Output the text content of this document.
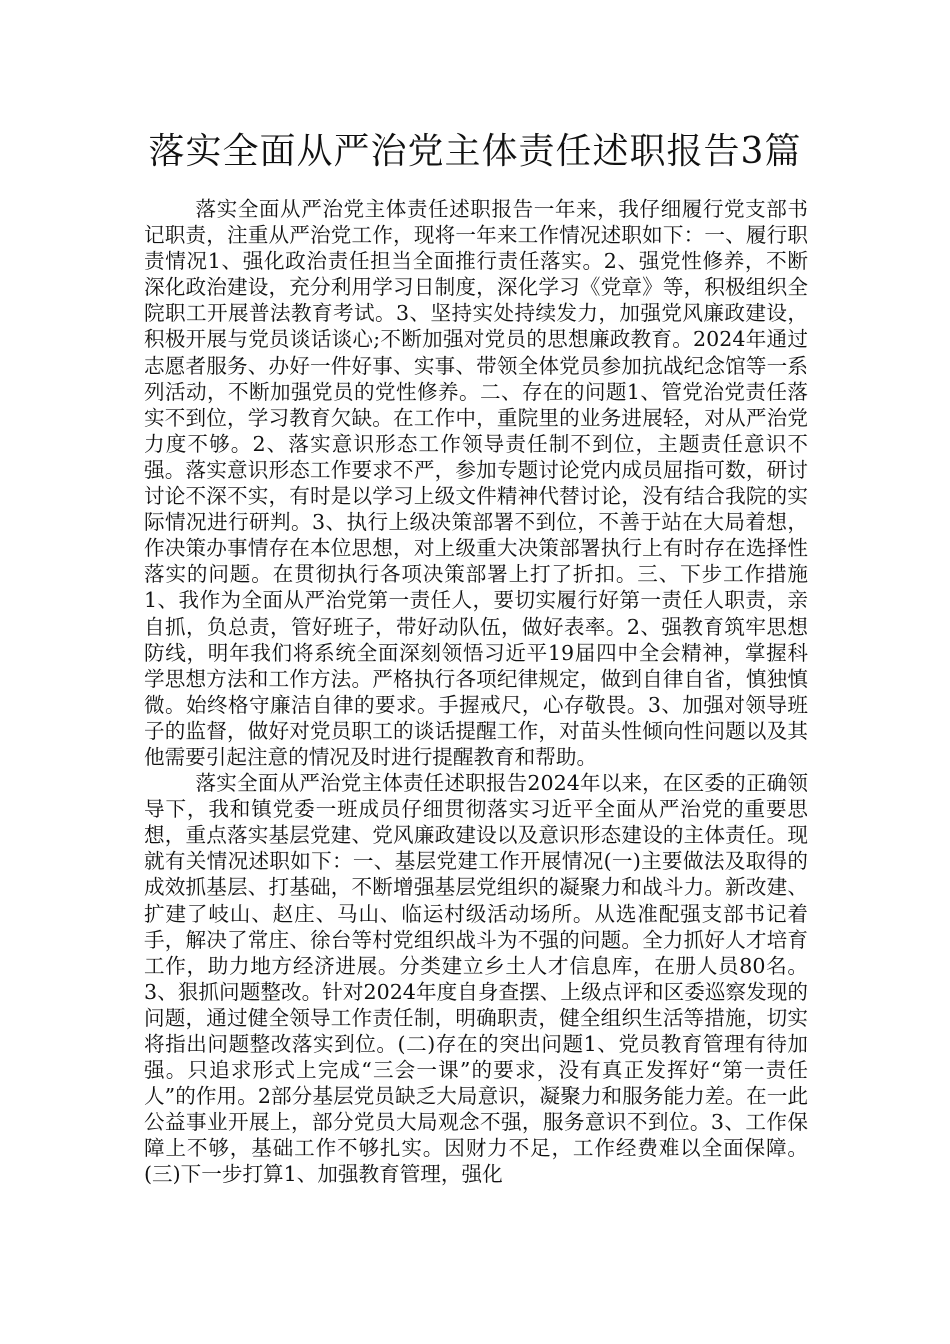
落实全面从严治党主体责任述职报告3篇

落实全面从严治党主体责任述职报告一年来，我仔细履行党支部书记职责，注重从严治党工作，现将一年来工作情况述职如下：一、履行职责情况1、强化政治责任担当全面推行责任落实。2、强党性修养，不断深化政治建设，充分利用学习日制度，深化学习《党章》等，积极组织全院职工开展普法教育考试。3、坚持实处持续发力，加强党风廉政建设，积极开展与党员谈话谈心;不断加强对党员的思想廉政教育。2024年通过志愿者服务、办好一件好事、实事、带领全体党员参加抗战纪念馆等一系列活动，不断加强党员的党性修养。二、存在的问题1、管党治党责任落实不到位，学习教育欠缺。在工作中，重院里的业务进展轻，对从严治党力度不够。2、落实意识形态工作领导责任制不到位，主题责任意识不强。落实意识形态工作要求不严，参加专题讨论党内成员屈指可数，研讨讨论不深不实，有时是以学习上级文件精神代替讨论，没有结合我院的实际情况进行研判。3、执行上级决策部署不到位，不善于站在大局着想，作决策办事情存在本位思想，对上级重大决策部署执行上有时存在选择性落实的问题。在贯彻执行各项决策部署上打了折扣。三、下步工作措施1、我作为全面从严治党第一责任人，要切实履行好第一责任人职责，亲自抓，负总责，管好班子，带好动队伍，做好表率。2、强教育筑牢思想防线，明年我们将系统全面深刻领悟习近平19届四中全会精神，掌握科学思想方法和工作方法。严格执行各项纪律规定，做到自律自省，慎独慎微。始终格守廉洁自律的要求。手握戒尺，心存敬畏。3、加强对领导班子的监督，做好对党员职工的谈话提醒工作，对苗头性倾向性问题以及其他需要引起注意的情况及时进行提醒教育和帮助。

落实全面从严治党主体责任述职报告2024年以来，在区委的正确领导下，我和镇党委一班成员仔细贯彻落实习近平全面从严治党的重要思想，重点落实基层党建、党风廉政建设以及意识形态建设的主体责任。现就有关情况述职如下：一、基层党建工作开展情况(一)主要做法及取得的成效抓基层、打基础，不断增强基层党组织的凝聚力和战斗力。新改建、扩建了岐山、赵庄、马山、临运村级活动场所。从选准配强支部书记着手，解决了常庄、徐台等村党组织战斗为不强的问题。全力抓好人才培育工作，助力地方经济进展。分类建立乡土人才信息库，在册人员80名。3、狠抓问题整改。针对2024年度自身查摆、上级点评和区委巡察发现的问题，通过健全领导工作责任制，明确职责，健全组织生活等措施，切实将指出问题整改落实到位。(二)存在的突出问题1、党员教育管理有待加强。只追求形式上完成“三会一课”的要求，没有真正发挥好“第一责任人”的作用。2部分基层党员缺乏大局意识，凝聚力和服务能力差。在一此公益事业开展上，部分党员大局观念不强，服务意识不到位。3、工作保障上不够，基础工作不够扎实。因财力不足，工作经费难以全面保障。(三)下一步打算1、加强教育管理，强化
